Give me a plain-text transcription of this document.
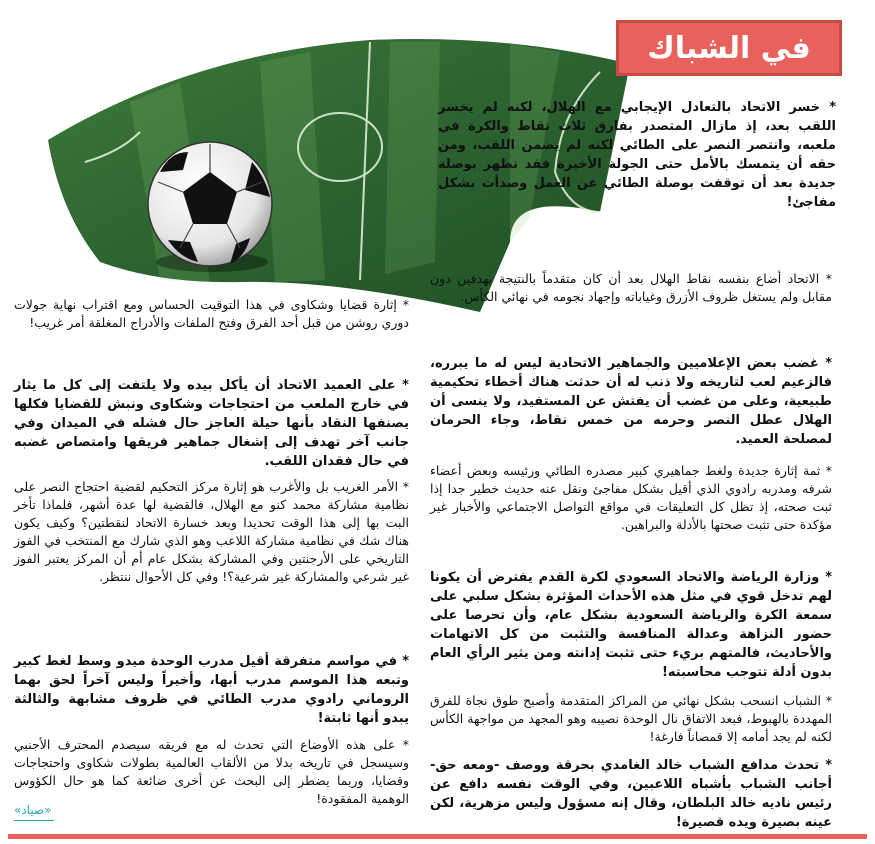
في الشباك

* خسر الاتحاد بالتعادل الإيجابي مع الهلال، لكنه لم يخسر اللقب بعد، إذ مازال المتصدر بفارق ثلاث نقاط والكرة في ملعبه، وانتصر النصر على الطائي لكنه لم يضمن اللقب، ومن حقه أن يتمسك بالأمل حتى الجولة الأخيرة فقد تظهر بوصلة جديدة بعد أن توقفت بوصلة الطائي عن العمل وصدأت بشكل مفاجئ!

* الاتحاد أضاع بنفسه نقاط الهلال بعد أن كان متقدماً بالنتيجة بهدفين دون مقابل ولم يستغل ظروف الأزرق وغياباته وإجهاد نجومه في نهائي الكأس.

* غضب بعض الإعلاميين والجماهير الاتحادية ليس له ما يبرره، فالزعيم لعب لتاريخه ولا ذنب له أن حدثت هناك أخطاء تحكيمية طبيعية، وعلى من غضب أن يفتش عن المستفيد، ولا ينسى أن الهلال عطل النصر وحرمه من خمس نقاط، وجاء الحرمان لمصلحة العميد.

* ثمة إثارة جديدة ولغط جماهيري كبير مصدره الطائي ورئيسه وبعض أعضاء شرفه ومدربه رادوي الذي أقيل بشكل مفاجئ ونقل عنه حديث خطير جدا إذا ثبت صحته، إذ تظل كل التعليقات في مواقع التواصل الاجتماعي والأخبار غير مؤكدة حتى تثبت صحتها بالأدلة والبراهين.

* وزارة الرياضة والاتحاد السعودي لكرة القدم يفترض أن يكونا لهم تدخل قوي في مثل هذه الأحداث المؤثرة بشكل سلبي على سمعة الكرة والرياضة السعودية بشكل عام، وأن تحرصا على حضور النزاهة وعدالة المنافسة والتثبت من كل الاتهامات والأحاديث، فالمتهم بريء حتى تثبت إدانته ومن يثير الرأي العام بدون أدلة تتوجب محاسبته!

* الشباب انسحب بشكل نهائي من المراكز المتقدمة وأصبح طوق نجاة للفرق المهددة بالهبوط، فبعد الاتفاق نال الوحدة نصيبه وهو المجهد من مواجهة الكأس لكنه لم يجد أمامه إلا قمصاناً فارغة!

* تحدث مدافع الشباب خالد الغامدي بحرقة ووصف -ومعه حق- أجانب الشباب بأشباه اللاعبين، وفي الوقت نفسه دافع عن رئيس ناديه خالد البلطان، وقال إنه مسؤول وليس مزهرية، لكن عينه بصيرة ويده قصيرة!

* إثارة قضايا وشكاوى في هذا التوقيت الحساس ومع اقتراب نهاية جولات دوري روشن من قبل أحد الفرق وفتح الملفات والأدراج المغلقة أمر غريب!

* على العميد الاتحاد أن يأكل بيده ولا يلتفت إلى كل ما يثار في خارج الملعب من احتجاجات وشكاوى ونبش للقضايا فكلها يصنفها النقاد بأنها حيلة العاجز حال فشله في الميدان وفي جانب آخر تهدف إلى إشغال جماهير فريقها وامتصاص غضبه في حال فقدان اللقب.

* الأمر الغريب بل والأغرب هو إثارة مركز التحكيم لقضية احتجاج النصر على نظامية مشاركة محمد كنو مع الهلال، فالقضية لها عدة أشهر، فلماذا تأخر البت بها إلى هذا الوقت تحديدا وبعد خسارة الاتحاد لنقطتين؟ وكيف يكون هناك شك في نظامية مشاركة اللاعب وهو الذي شارك مع المنتخب في الفوز التاريخي على الأرجنتين وفي المشاركة بشكل عام أم أن المركز يعتبر الفوز غير شرعي والمشاركة غير شرعية؟! وفي كل الأحوال ننتظر.

* في مواسم متفرقة أقيل مدرب الوحدة ميدو وسط لغط كبير وتبعه هذا الموسم مدرب أبها، وأخيراً وليس آخراً لحق بهما الروماني رادوي مدرب الطائي في ظروف مشابهة والثالثة يبدو أنها ثابتة!

* على هذه الأوضاع التي تحدث له مع فريقه سيصدم المحترف الأجنبي وسيسجل في تاريخه بدلا من الألقاب العالمية بطولات شكاوى واحتجاجات وقضايا، وربما يضطر إلى البحث عن أخرى ضائعة كما هو حال الكؤوس الوهمية المفقودة!

«صياد»
